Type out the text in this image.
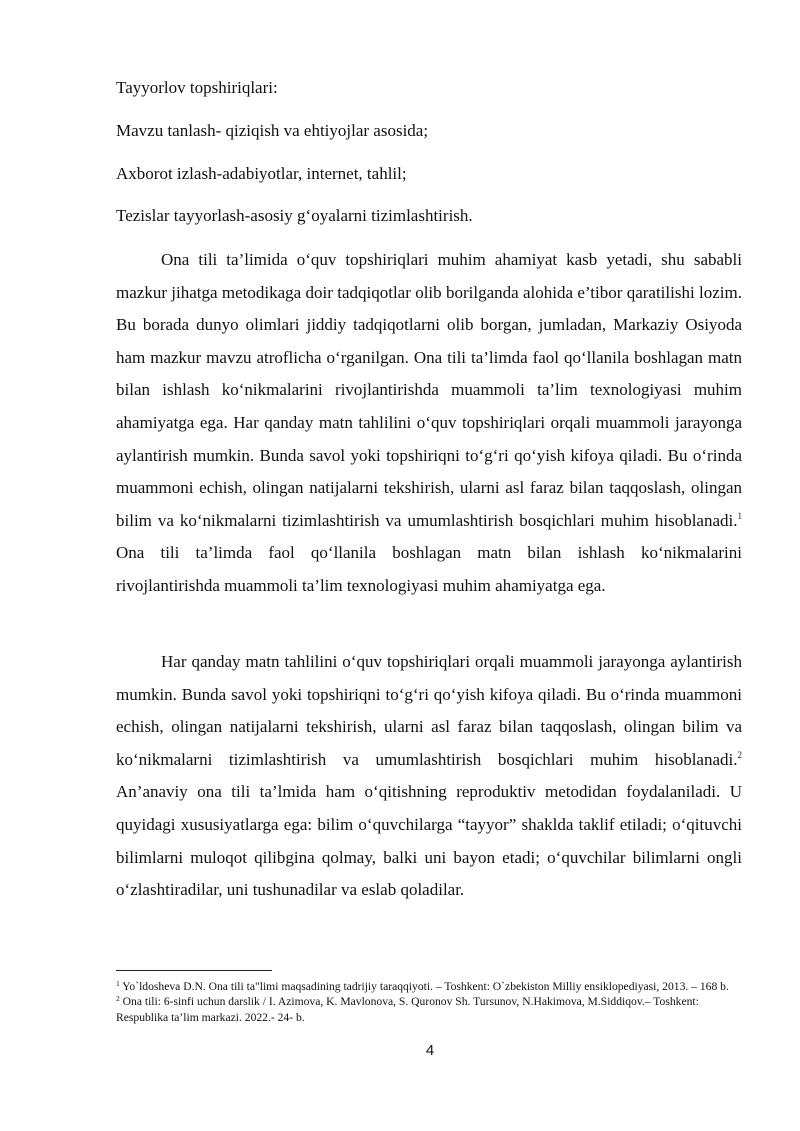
Tayyorlov topshiriqlari:

Mavzu tanlash- qiziqish va ehtiyojlar asosida;

Axborot izlash-adabiyotlar, internet, tahlil;

Tezislar tayyorlash-asosiy g‘oyalarni tizimlashtirish.

Ona tili ta’limida o‘quv topshiriqlari muhim ahamiyat kasb yetadi, shu sababli mazkur jihatga metodikaga doir tadqiqotlar olib borilganda alohida e’tibor qaratilishi lozim. Bu borada dunyo olimlari jiddiy tadqiqotlarni olib borgan, jumladan, Markaziy Osiyoda ham mazkur mavzu atroflicha o‘rganilgan. Ona tili ta’limda faol qo‘llanila boshlagan matn bilan ishlash ko‘nikmalarini rivojlantirishda muammoli ta’lim texnologiyasi muhim ahamiyatga ega. Har qanday matn tahlilini o‘quv topshiriqlari orqali muammoli jarayonga aylantirish mumkin. Bunda savol yoki topshiriqni to‘g‘ri qo‘yish kifoya qiladi. Bu o‘rinda muammoni echish, olingan natijalarni tekshirish, ularni asl faraz bilan taqqoslash, olingan bilim va ko‘nikmalarni tizimlashtirish va umumlashtirish bosqichlari muhim hisoblanadi.$^1$ Ona tili ta’limda faol qo‘llanila boshlagan matn bilan ishlash ko‘nikmalarini rivojlantirishda muammoli ta’lim texnologiyasi muhim ahamiyatga ega.

Har qanday matn tahlilini o‘quv topshiriqlari orqali muammoli jarayonga aylantirish mumkin. Bunda savol yoki topshiriqni to‘g‘ri qo‘yish kifoya qiladi. Bu o‘rinda muammoni echish, olingan natijalarni tekshirish, ularni asl faraz bilan taqqoslash, olingan bilim va ko‘nikmalarni tizimlashtirish va umumlashtirish bosqichlari muhim hisoblanadi.$^2$ An’anaviy ona tili ta’lmida ham o‘qitishning reproduktiv metodidan foydalaniladi. U quyidagi xususiyatlarga ega: bilim o‘quvchilarga “tayyor” shaklda taklif etiladi; o‘qituvchi bilimlarni muloqot qilibgina qolmay, balki uni bayon etadi; o‘quvchilar bilimlarni ongli o‘zlashtiradilar, uni tushunadilar va eslab qoladilar.

$^1$ Yo`ldosheva D.N. Ona tili ta"limi maqsadining tadrijiy taraqqiyoti. – Toshkent: O`zbekiston Milliy ensiklopediyasi, 2013. – 168 b.

$^2$ Ona tili: 6-sinfi uchun darslik / I. Azimova, K. Mavlonova, S. Quronov Sh. Tursunov, N.Hakimova, M.Siddiqov.– Toshkent: Respublika ta’lim markazi. 2022.- 24- b.

4
